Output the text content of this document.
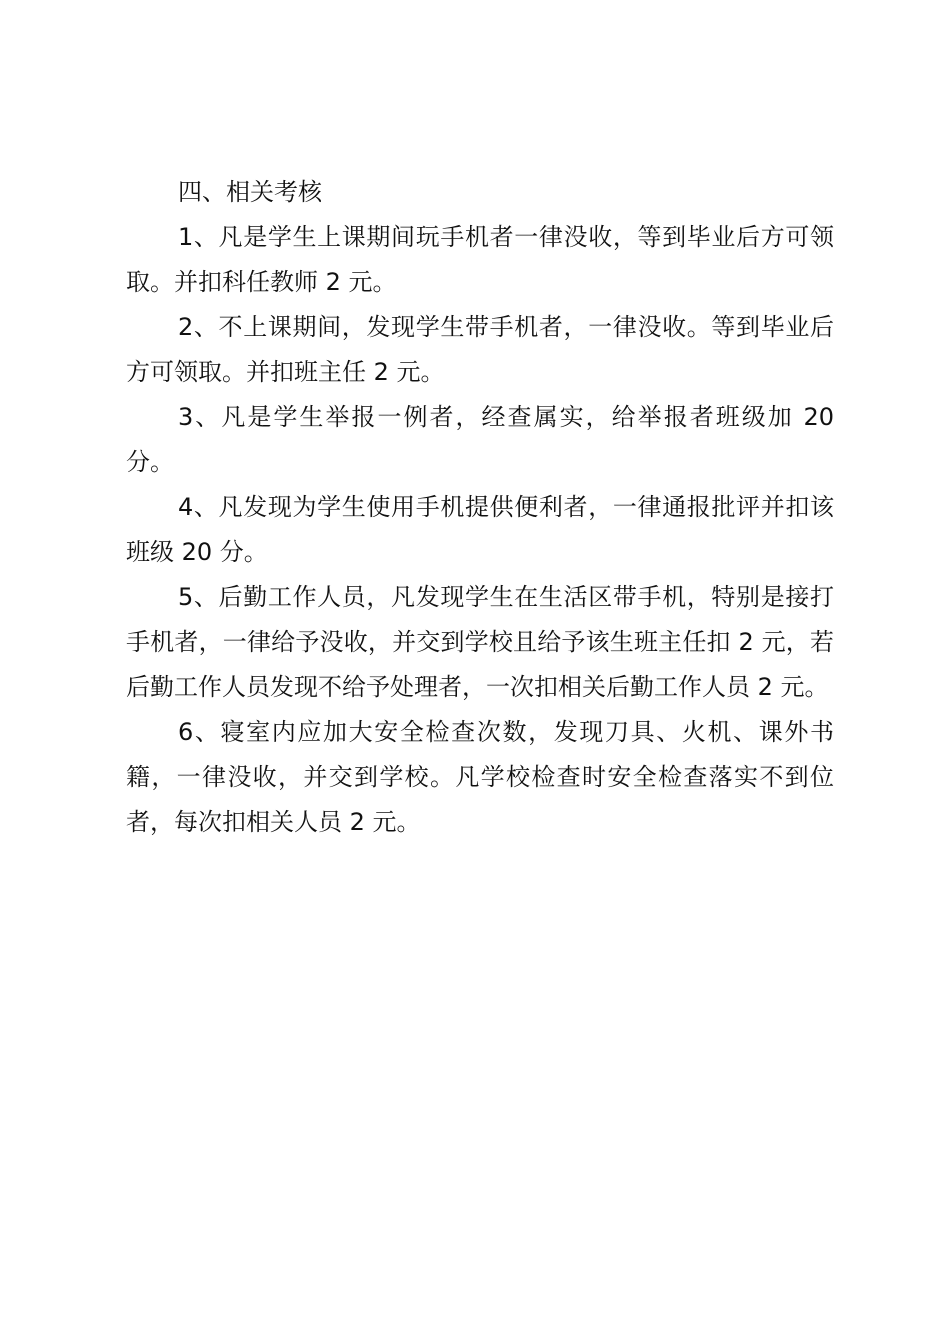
四、相关考核

1、凡是学生上课期间玩手机者一律没收，等到毕业后方可领取。并扣科任教师 2 元。

2、不上课期间，发现学生带手机者，一律没收。等到毕业后方可领取。并扣班主任 2 元。

3、凡是学生举报一例者，经查属实，给举报者班级加 20 分。

4、凡发现为学生使用手机提供便利者，一律通报批评并扣该班级 20 分。

5、后勤工作人员，凡发现学生在生活区带手机，特别是接打手机者，一律给予没收，并交到学校且给予该生班主任扣 2 元，若后勤工作人员发现不给予处理者，一次扣相关后勤工作人员 2 元。

6、寝室内应加大安全检查次数，发现刀具、火机、课外书籍，一律没收，并交到学校。凡学校检查时安全检查落实不到位者，每次扣相关人员 2 元。
